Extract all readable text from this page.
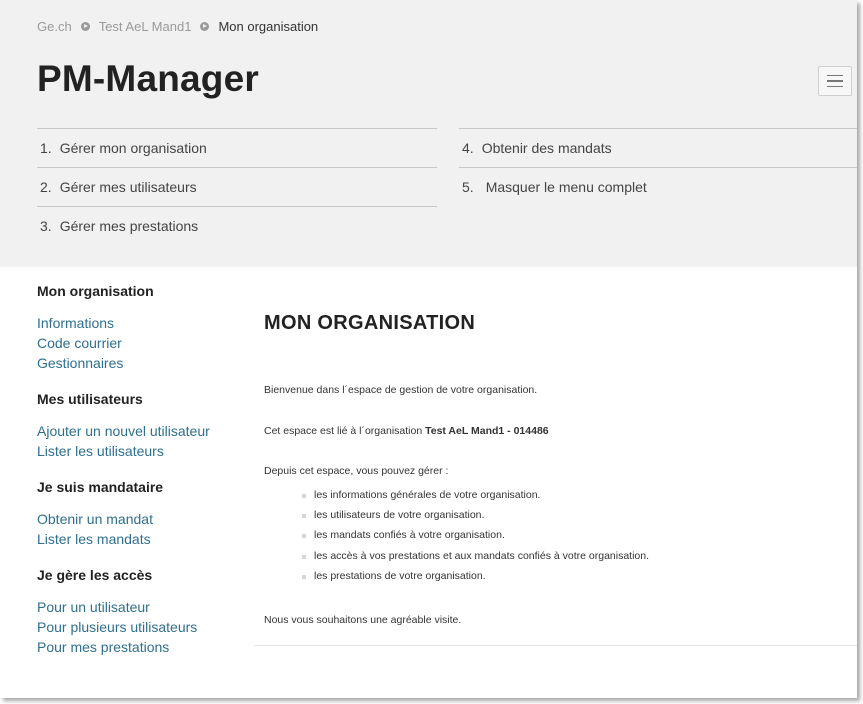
Ge.ch Test AeL Mand1 Mon organisation
PM-Manager
1. Gérer mon organisation
2. Gérer mes utilisateurs
3. Gérer mes prestations
4. Obtenir des mandats
5. Masquer le menu complet
Mon organisation
Informations
Code courrier
Gestionnaires
Mes utilisateurs
Ajouter un nouvel utilisateur
Lister les utilisateurs
Je suis mandataire
Obtenir un mandat
Lister les mandats
Je gère les accès
Pour un utilisateur
Pour plusieurs utilisateurs
Pour mes prestations
MON ORGANISATION
Bienvenue dans l´espace de gestion de votre organisation.
Cet espace est lié à l´organisation Test AeL Mand1 - 014486
Depuis cet espace, vous pouvez gérer :
les informations générales de votre organisation.
les utilisateurs de votre organisation.
les mandats confiés à votre organisation.
les accès à vos prestations et aux mandats confiés à votre organisation.
les prestations de votre organisation.
Nous vous souhaitons une agréable visite.
